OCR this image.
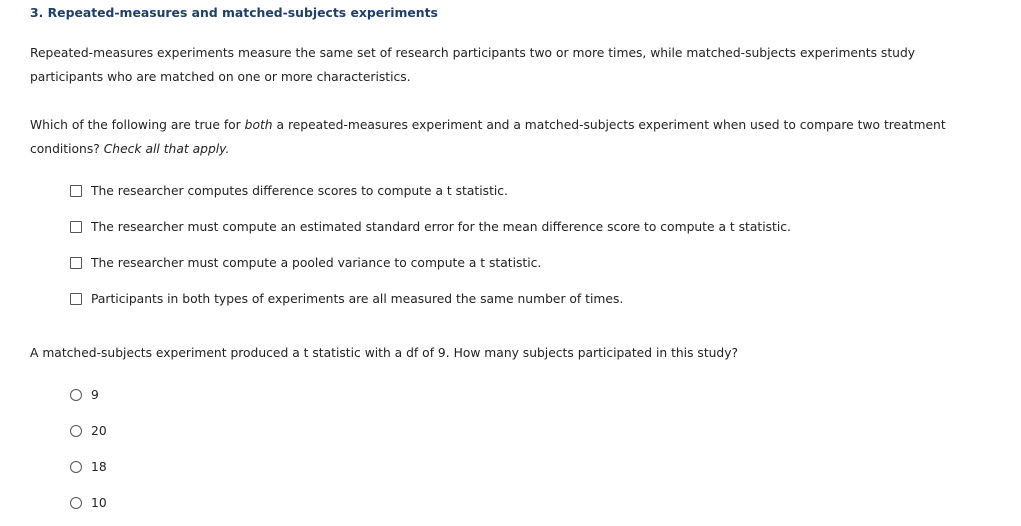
3. Repeated-measures and matched-subjects experiments
Repeated-measures experiments measure the same set of research participants two or more times, while matched-subjects experiments study
participants who are matched on one or more characteristics.
Which of the following are true for both a repeated-measures experiment and a matched-subjects experiment when used to compare two treatment
conditions? Check all that apply.
The researcher computes difference scores to compute a t statistic.
The researcher must compute an estimated standard error for the mean difference score to compute a t statistic.
The researcher must compute a pooled variance to compute a t statistic.
Participants in both types of experiments are all measured the same number of times.
A matched-subjects experiment produced a t statistic with a df of 9. How many subjects participated in this study?
9
20
18
10
